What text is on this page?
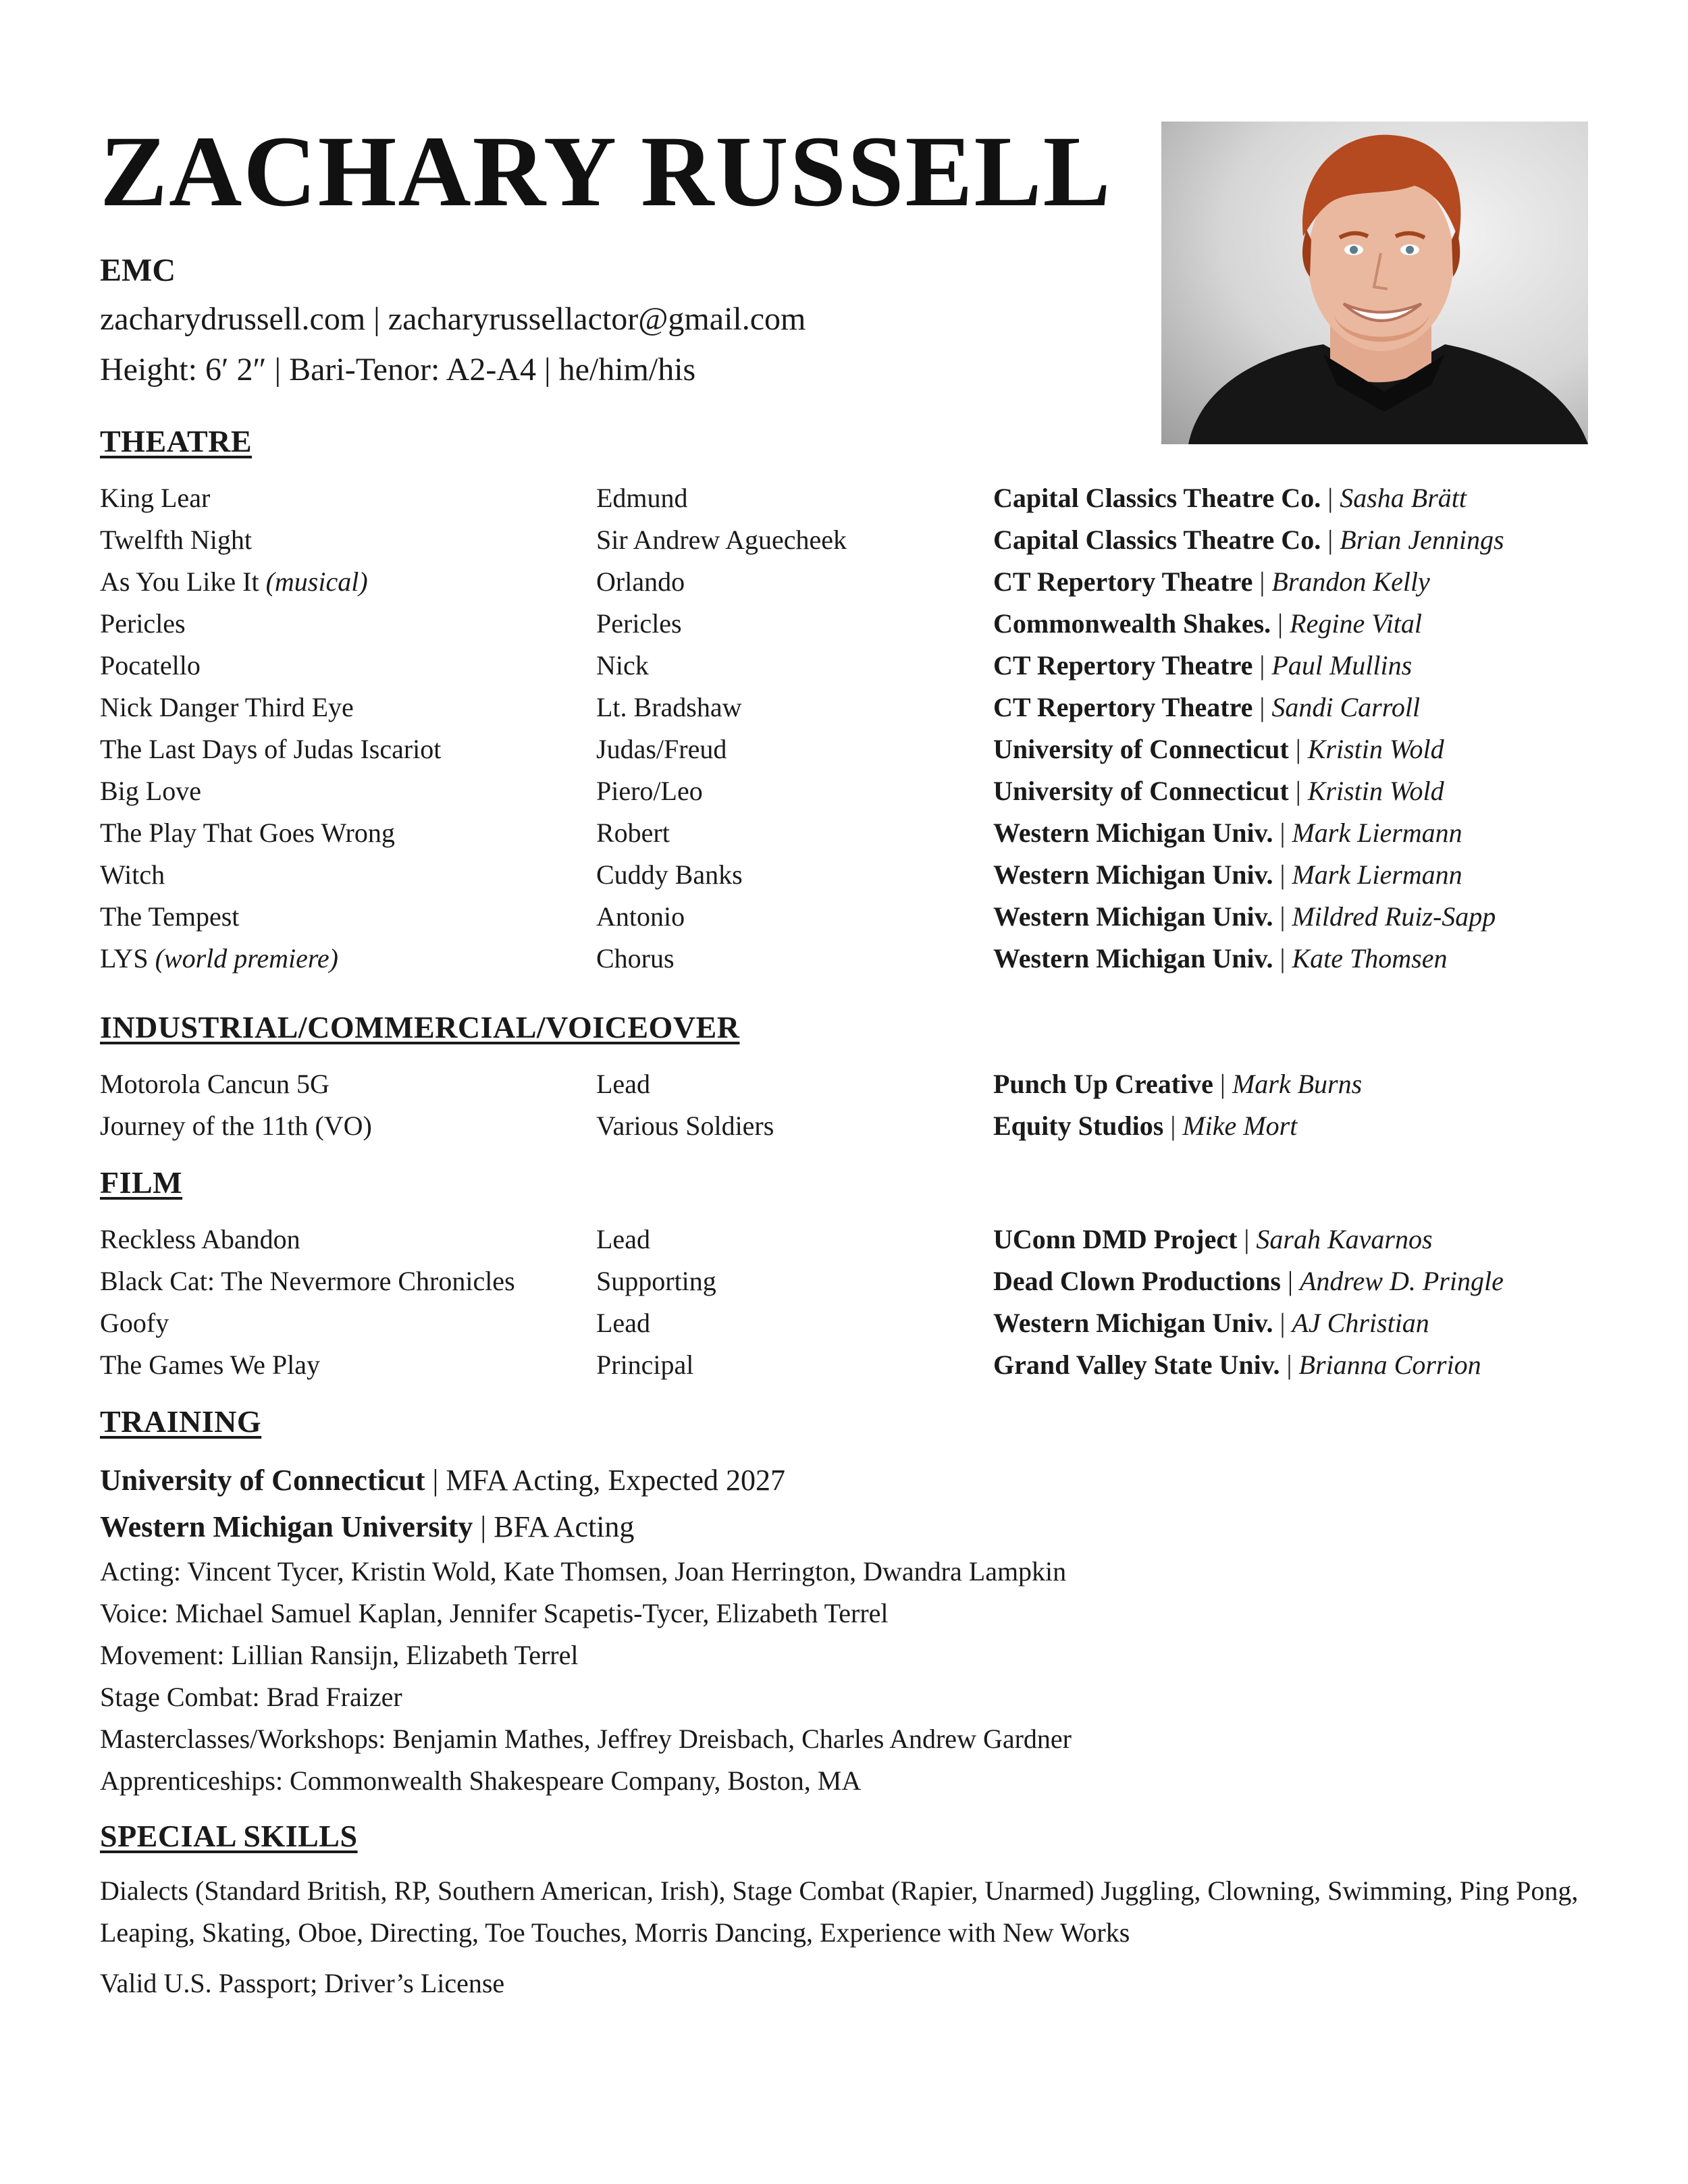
ZACHARY RUSSELL
EMC
zacharydrussell.com | zacharyrussellactor@gmail.com
Height: 6′ 2″ | Bari-Tenor: A2-A4 | he/him/his
THEATRE
King Lear	Edmund	Capital Classics Theatre Co. | Sasha Brätt
Twelfth Night	Sir Andrew Aguecheek	Capital Classics Theatre Co. | Brian Jennings
As You Like It (musical)	Orlando	CT Repertory Theatre | Brandon Kelly
Pericles	Pericles	Commonwealth Shakes. | Regine Vital
Pocatello	Nick	CT Repertory Theatre | Paul Mullins
Nick Danger Third Eye	Lt. Bradshaw	CT Repertory Theatre | Sandi Carroll
The Last Days of Judas Iscariot	Judas/Freud	University of Connecticut | Kristin Wold
Big Love	Piero/Leo	University of Connecticut | Kristin Wold
The Play That Goes Wrong	Robert	Western Michigan Univ. | Mark Liermann
Witch	Cuddy Banks	Western Michigan Univ. | Mark Liermann
The Tempest	Antonio	Western Michigan Univ. | Mildred Ruiz-Sapp
LYS (world premiere)	Chorus	Western Michigan Univ. | Kate Thomsen
INDUSTRIAL/COMMERCIAL/VOICEOVER
Motorola Cancun 5G	Lead	Punch Up Creative | Mark Burns
Journey of the 11th (VO)	Various Soldiers	Equity Studios | Mike Mort
FILM
Reckless Abandon	Lead	UConn DMD Project | Sarah Kavarnos
Black Cat: The Nevermore Chronicles	Supporting	Dead Clown Productions | Andrew D. Pringle
Goofy	Lead	Western Michigan Univ. | AJ Christian
The Games We Play	Principal	Grand Valley State Univ. | Brianna Corrion
TRAINING
University of Connecticut | MFA Acting, Expected 2027
Western Michigan University | BFA Acting
Acting: Vincent Tycer, Kristin Wold, Kate Thomsen, Joan Herrington, Dwandra Lampkin
Voice: Michael Samuel Kaplan, Jennifer Scapetis-Tycer, Elizabeth Terrel
Movement: Lillian Ransijn, Elizabeth Terrel
Stage Combat: Brad Fraizer
Masterclasses/Workshops: Benjamin Mathes, Jeffrey Dreisbach, Charles Andrew Gardner
Apprenticeships: Commonwealth Shakespeare Company, Boston, MA
SPECIAL SKILLS
Dialects (Standard British, RP, Southern American, Irish), Stage Combat (Rapier, Unarmed) Juggling, Clowning, Swimming, Ping Pong, Leaping, Skating, Oboe, Directing, Toe Touches, Morris Dancing, Experience with New Works
Valid U.S. Passport; Driver’s License
